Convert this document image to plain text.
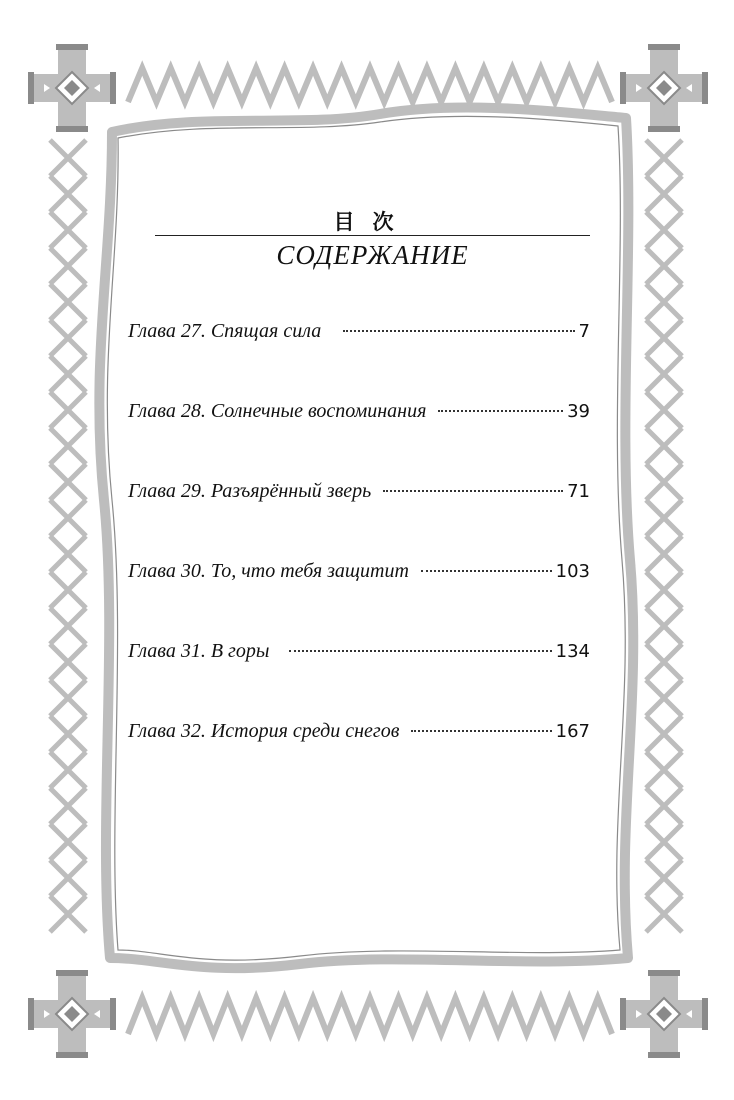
目次
СОДЕРЖАНИЕ
Глава 27. Спящая сила	7
Глава 28. Солнечные воспоминания	39
Глава 29. Разъярённый зверь	71
Глава 30. То, что тебя защитит	103
Глава 31. В горы	134
Глава 32. История среди снегов	167
